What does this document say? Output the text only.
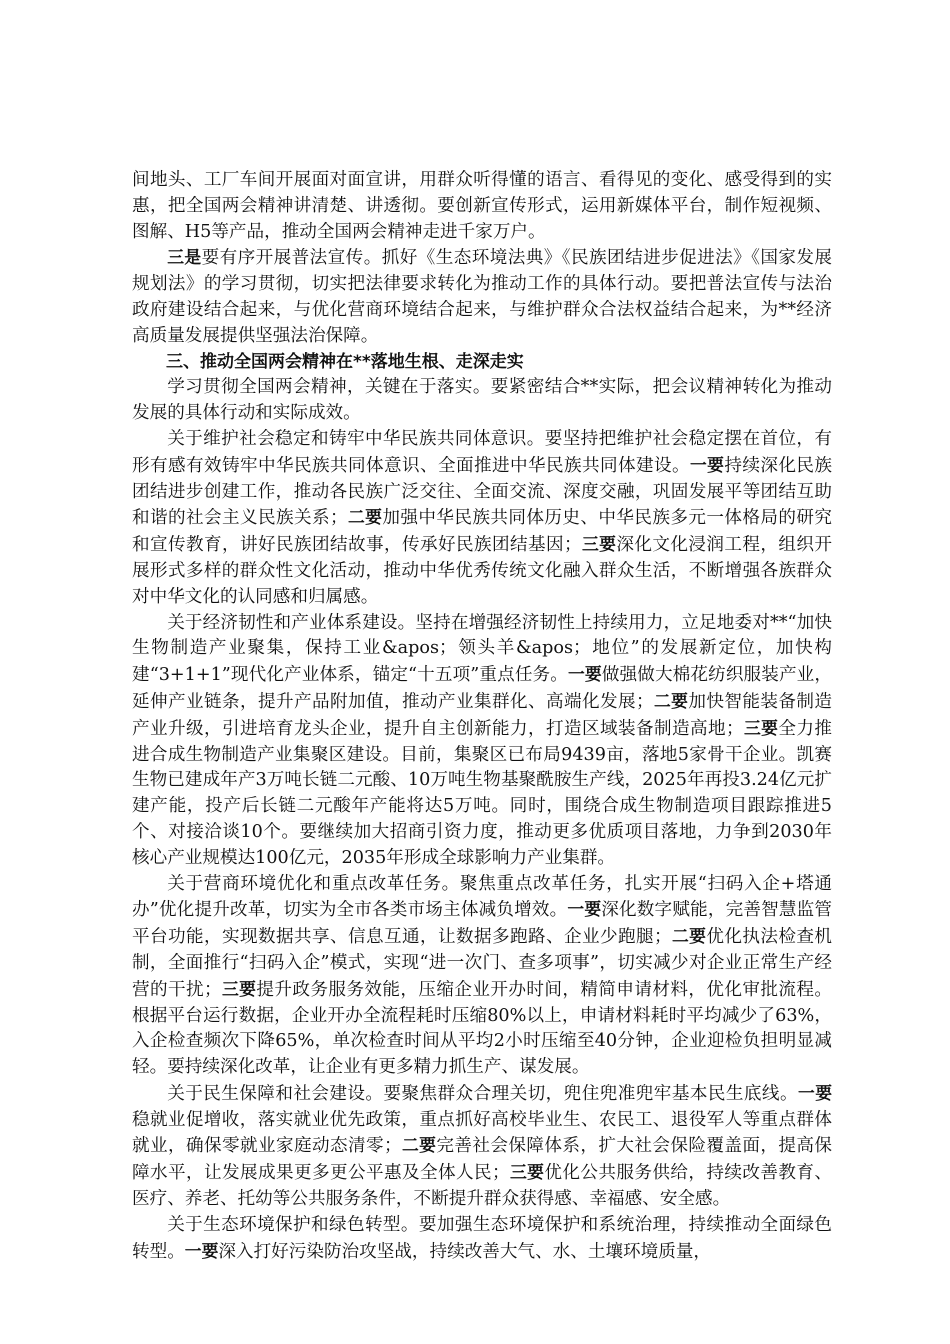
间地头、工厂车间开展面对面宣讲，用群众听得懂的语言、看得见的变化、感受得到的实惠，把全国两会精神讲清楚、讲透彻。要创新宣传形式，运用新媒体平台，制作短视频、图解、H5等产品，推动全国两会精神走进千家万户。

三是要有序开展普法宣传。抓好《生态环境法典》《民族团结进步促进法》《国家发展规划法》的学习贯彻，切实把法律要求转化为推动工作的具体行动。要把普法宣传与法治政府建设结合起来，与优化营商环境结合起来，与维护群众合法权益结合起来，为**经济高质量发展提供坚强法治保障。

三、推动全国两会精神在**落地生根、走深走实

学习贯彻全国两会精神，关键在于落实。要紧密结合**实际，把会议精神转化为推动发展的具体行动和实际成效。

关于维护社会稳定和铸牢中华民族共同体意识。要坚持把维护社会稳定摆在首位，有形有感有效铸牢中华民族共同体意识、全面推进中华民族共同体建设。一要持续深化民族团结进步创建工作，推动各民族广泛交往、全面交流、深度交融，巩固发展平等团结互助和谐的社会主义民族关系；二要加强中华民族共同体历史、中华民族多元一体格局的研究和宣传教育，讲好民族团结故事，传承好民族团结基因；三要深化文化浸润工程，组织开展形式多样的群众性文化活动，推动中华优秀传统文化融入群众生活，不断增强各族群众对中华文化的认同感和归属感。

关于经济韧性和产业体系建设。坚持在增强经济韧性上持续用力，立足地委对**“加快生物制造产业聚集，保持工业&apos；领头羊&apos；地位”的发展新定位，加快构建“3+1+1”现代化产业体系，锚定“十五项”重点任务。一要做强做大棉花纺织服装产业，延伸产业链条，提升产品附加值，推动产业集群化、高端化发展；二要加快智能装备制造产业升级，引进培育龙头企业，提升自主创新能力，打造区域装备制造高地；三要全力推进合成生物制造产业集聚区建设。目前，集聚区已布局9439亩，落地5家骨干企业。凯赛生物已建成年产3万吨长链二元酸、10万吨生物基聚酰胺生产线，2025年再投3.24亿元扩建产能，投产后长链二元酸年产能将达5万吨。同时，围绕合成生物制造项目跟踪推进5个、对接洽谈10个。要继续加大招商引资力度，推动更多优质项目落地，力争到2030年核心产业规模达100亿元，2035年形成全球影响力产业集群。

关于营商环境优化和重点改革任务。聚焦重点改革任务，扎实开展“扫码入企+塔通办”优化提升改革，切实为全市各类市场主体减负增效。一要深化数字赋能，完善智慧监管平台功能，实现数据共享、信息互通，让数据多跑路、企业少跑腿；二要优化执法检查机制，全面推行“扫码入企”模式，实现“进一次门、查多项事”，切实减少对企业正常生产经营的干扰；三要提升政务服务效能，压缩企业开办时间，精简申请材料，优化审批流程。根据平台运行数据，企业开办全流程耗时压缩80%以上，申请材料耗时平均减少了63%，入企检查频次下降65%，单次检查时间从平均2小时压缩至40分钟，企业迎检负担明显减轻。要持续深化改革，让企业有更多精力抓生产、谋发展。

关于民生保障和社会建设。要聚焦群众合理关切，兜住兜准兜牢基本民生底线。一要稳就业促增收，落实就业优先政策，重点抓好高校毕业生、农民工、退役军人等重点群体就业，确保零就业家庭动态清零；二要完善社会保障体系，扩大社会保险覆盖面，提高保障水平，让发展成果更多更公平惠及全体人民；三要优化公共服务供给，持续改善教育、医疗、养老、托幼等公共服务条件，不断提升群众获得感、幸福感、安全感。

关于生态环境保护和绿色转型。要加强生态环境保护和系统治理，持续推动全面绿色转型。一要深入打好污染防治攻坚战，持续改善大气、水、土壤环境质量，
